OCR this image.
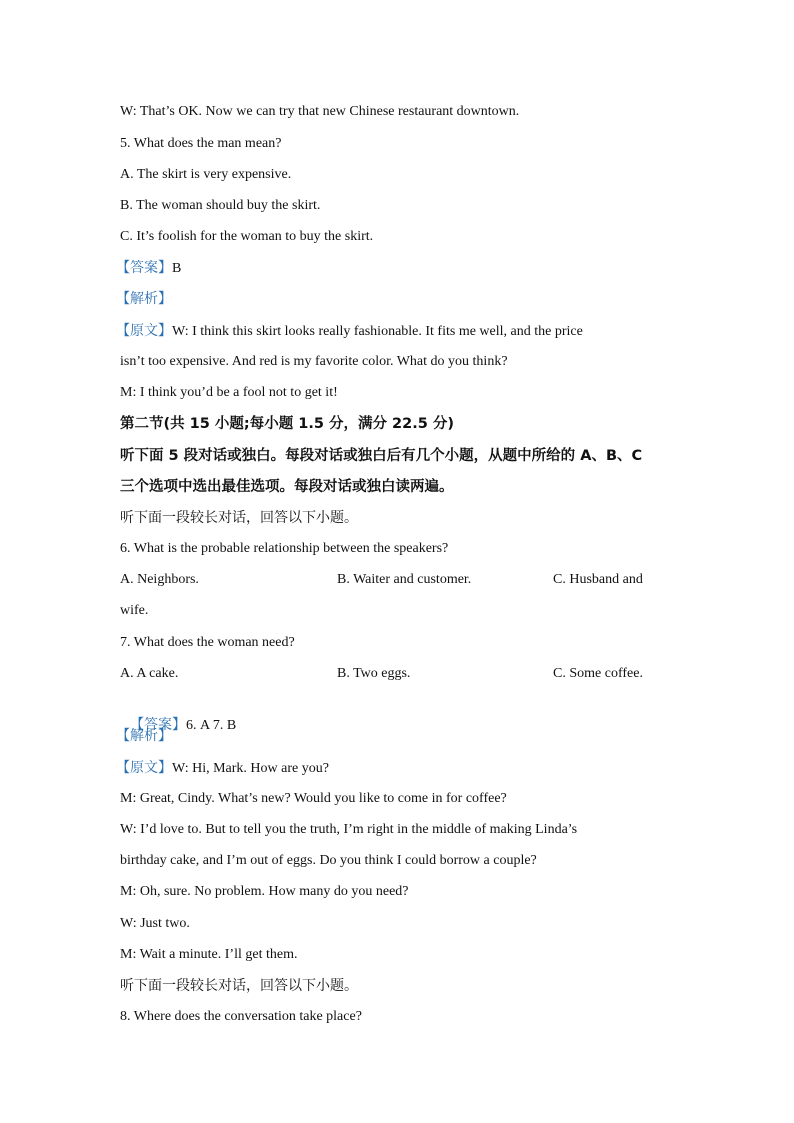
W: That’s OK. Now we can try that new Chinese restaurant downtown.
5. What does the man mean?
A. The skirt is very expensive.
B. The woman should buy the skirt.
C. It’s foolish for the woman to buy the skirt.
【答案】B
【解析】
【原文】W: I think this skirt looks really fashionable. It fits me well, and the price
isn’t too expensive. And red is my favorite color. What do you think?
M: I think you’d be a fool not to get it!
第二节(共 15 小题;每小题 1.5 分，满分 22.5 分)
听下面 5 段对话或独白。每段对话或独白后有几个小题，从题中所给的 A、B、C
三个选项中选出最佳选项。每段对话或独白读两遍。
听下面一段较长对话，回答以下小题。
6. What is the probable relationship between the speakers?
A. Neighbors.	B. Waiter and customer.	C. Husband and
wife.
7. What does the woman need?
A. A cake.	B. Two eggs.	C. Some coffee.

【答案】6. A 7. B

【解析】
【原文】W: Hi, Mark. How are you?
M: Great, Cindy. What’s new? Would you like to come in for coffee?
W: I’d love to. But to tell you the truth, I’m right in the middle of making Linda’s
birthday cake, and I’m out of eggs. Do you think I could borrow a couple?
M: Oh, sure. No problem. How many do you need?
W: Just two.
M: Wait a minute. I’ll get them.
听下面一段较长对话，回答以下小题。
8. Where does the conversation take place?
